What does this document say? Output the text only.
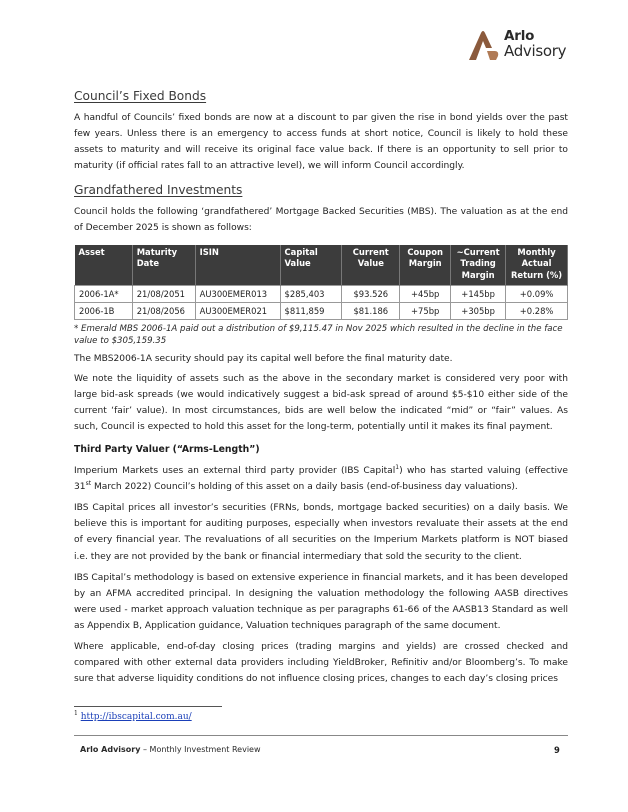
Arlo
Advisory
Council’s Fixed Bonds

A handful of Councils’ fixed bonds are now at a discount to par given the rise in bond yields over the past few years. Unless there is an emergency to access funds at short notice, Council is likely to hold these assets to maturity and will receive its original face value back. If there is an opportunity to sell prior to maturity (if official rates fall to an attractive level), we will inform Council accordingly.

Grandfathered Investments

Council holds the following ‘grandfathered’ Mortgage Backed Securities (MBS). The valuation as at the end of December 2025 is shown as follows:

Asset	Maturity Date	ISIN	Capital Value	Current Value	Coupon Margin	~Current Trading Margin	Monthly Actual Return (%)
2006-1A*	21/08/2051	AU300EMER013	$285,403	$93.526	+45bp	+145bp	+0.09%
2006-1B	21/08/2056	AU300EMER021	$811,859	$81.186	+75bp	+305bp	+0.28%
* Emerald MBS 2006-1A paid out a distribution of $9,115.47 in Nov 2025 which resulted in the decline in the face value to $305,159.35

The MBS2006-1A security should pay its capital well before the final maturity date.

We note the liquidity of assets such as the above in the secondary market is considered very poor with large bid-ask spreads (we would indicatively suggest a bid-ask spread of around $5-$10 either side of the current ‘fair’ value). In most circumstances, bids are well below the indicated “mid” or “fair” values. As such, Council is expected to hold this asset for the long-term, potentially until it makes its final payment.

Third Party Valuer (“Arms-Length”)

Imperium Markets uses an external third party provider (IBS Capital$^1$) who has started valuing (effective 31st March 2022) Council’s holding of this asset on a daily basis (end-of-business day valuations).

IBS Capital prices all investor’s securities (FRNs, bonds, mortgage backed securities) on a daily basis. We believe this is important for auditing purposes, especially when investors revaluate their assets at the end of every financial year. The revaluations of all securities on the Imperium Markets platform is NOT biased i.e. they are not provided by the bank or financial intermediary that sold the security to the client.

IBS Capital’s methodology is based on extensive experience in financial markets, and it has been developed by an AFMA accredited principal. In designing the valuation methodology the following AASB directives were used - market approach valuation technique as per paragraphs 61-66 of the AASB13 Standard as well as Appendix B, Application guidance, Valuation techniques paragraph of the same document.

Where applicable, end-of-day closing prices (trading margins and yields) are crossed checked and compared with other external data providers including YieldBroker, Refinitiv and/or Bloomberg’s. To make sure that adverse liquidity conditions do not influence closing prices, changes to each day’s closing prices

$^1$ http://ibscapital.com.au/
Arlo Advisory – Monthly Investment Review	9
